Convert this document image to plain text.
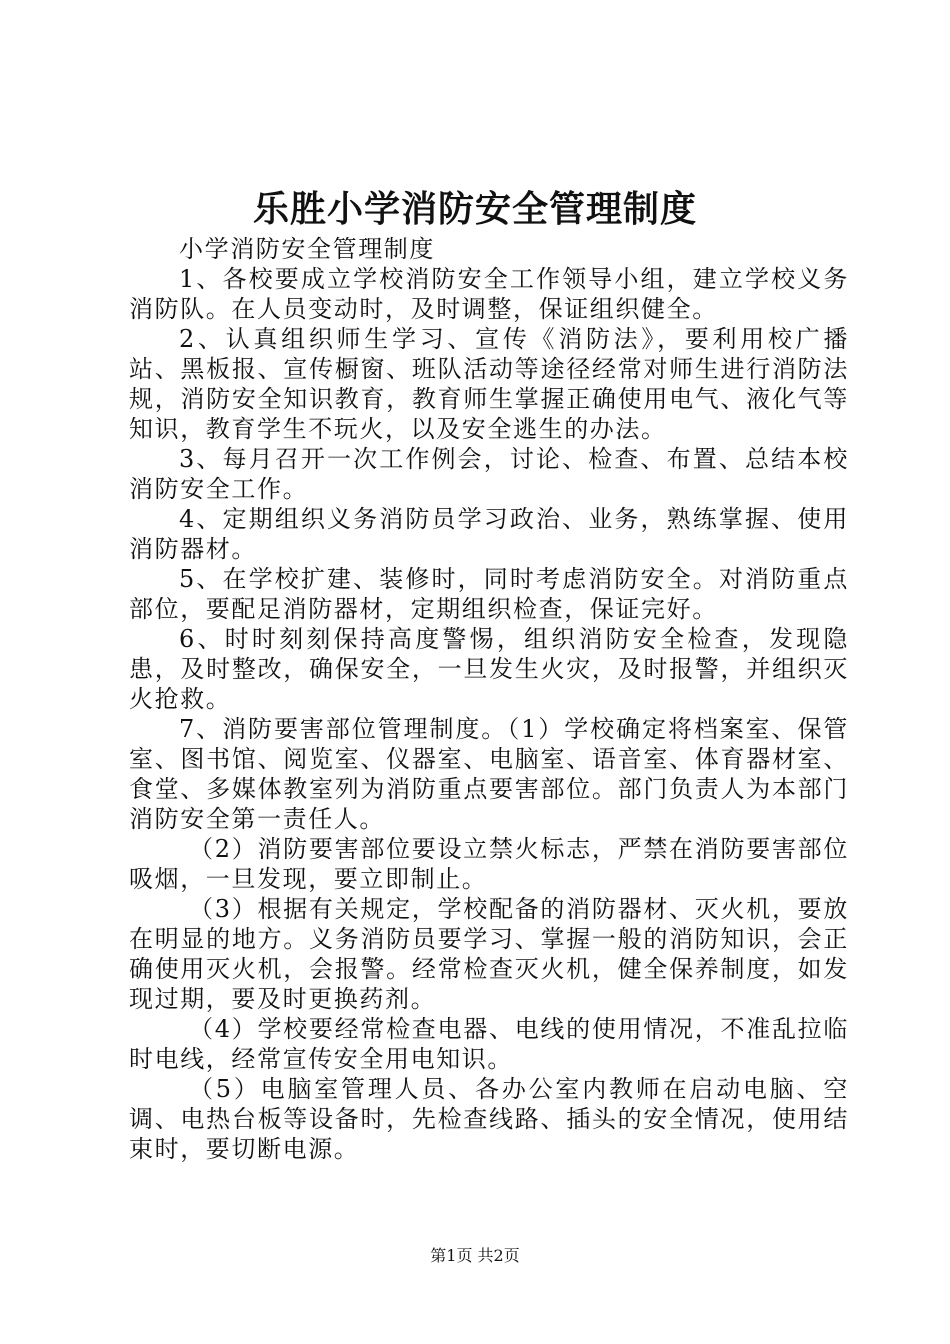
乐胜小学消防安全管理制度

小学消防安全管理制度

1、各校要成立学校消防安全工作领导小组，建立学校义务消防队。在人员变动时，及时调整，保证组织健全。

2、认真组织师生学习、宣传《消防法》，要利用校广播站、黑板报、宣传橱窗、班队活动等途径经常对师生进行消防法规，消防安全知识教育，教育师生掌握正确使用电气、液化气等知识，教育学生不玩火，以及安全逃生的办法。

3、每月召开一次工作例会，讨论、检查、布置、总结本校消防安全工作。

4、定期组织义务消防员学习政治、业务，熟练掌握、使用消防器材。

5、在学校扩建、装修时，同时考虑消防安全。对消防重点部位，要配足消防器材，定期组织检查，保证完好。

6、时时刻刻保持高度警惕，组织消防安全检查，发现隐患，及时整改，确保安全，一旦发生火灾，及时报警，并组织灭火抢救。

7、消防要害部位管理制度。（1）学校确定将档案室、保管室、图书馆、阅览室、仪器室、电脑室、语音室、体育器材室、食堂、多媒体教室列为消防重点要害部位。部门负责人为本部门消防安全第一责任人。

（2）消防要害部位要设立禁火标志，严禁在消防要害部位吸烟，一旦发现，要立即制止。

（3）根据有关规定，学校配备的消防器材、灭火机，要放在明显的地方。义务消防员要学习、掌握一般的消防知识，会正确使用灭火机，会报警。经常检查灭火机，健全保养制度，如发现过期，要及时更换药剂。

（4）学校要经常检查电器、电线的使用情况，不准乱拉临时电线，经常宣传安全用电知识。

（5）电脑室管理人员、各办公室内教师在启动电脑、空调、电热台板等设备时，先检查线路、插头的安全情况，使用结束时，要切断电源。

第1页 共2页
